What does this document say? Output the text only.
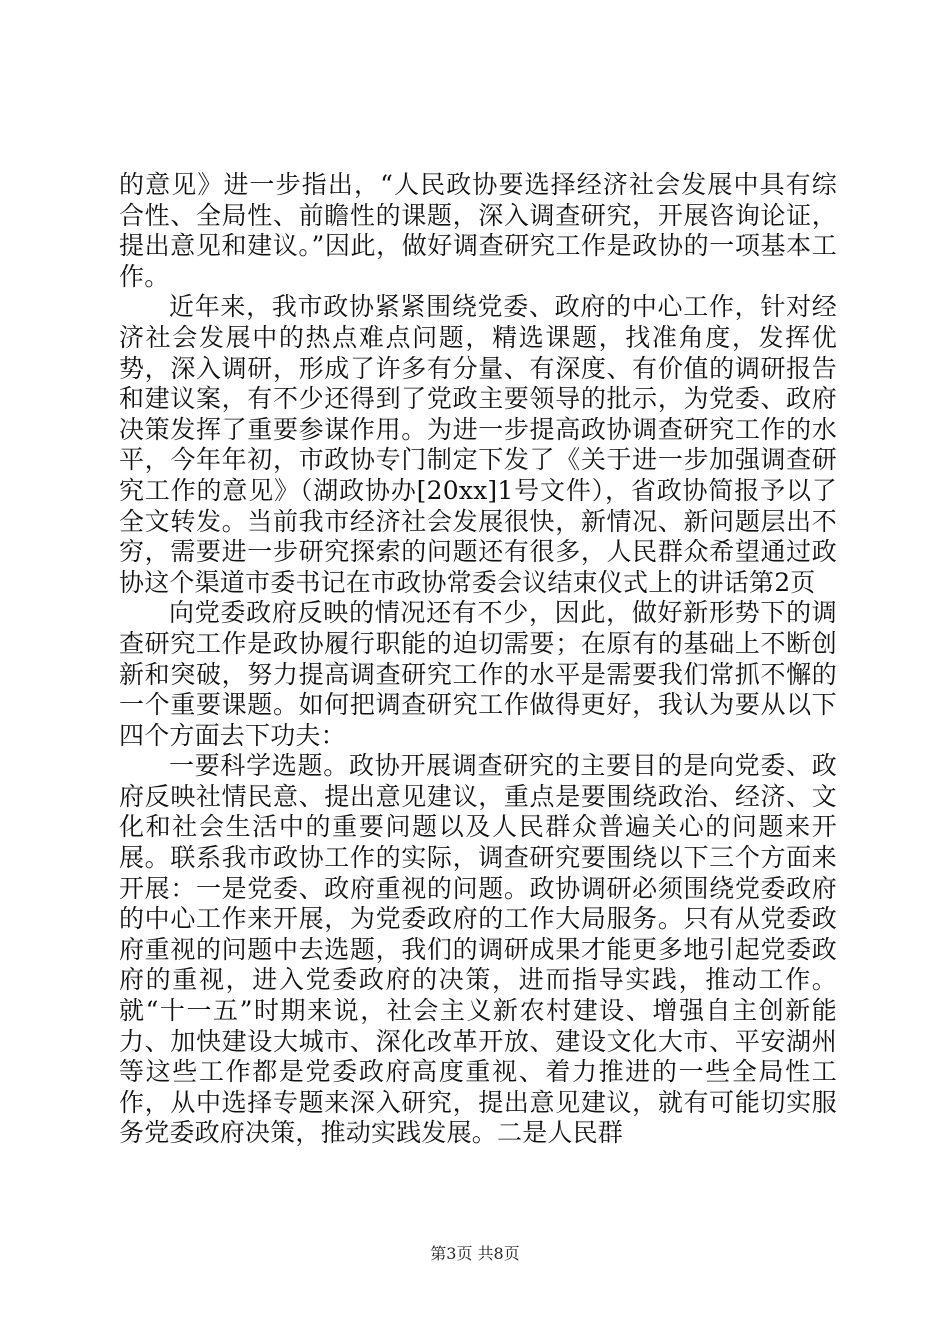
的意见》进一步指出，“人民政协要选择经济社会发展中具有综合性、全局性、前瞻性的课题，深入调查研究，开展咨询论证，提出意见和建议。”因此，做好调查研究工作是政协的一项基本工作。

近年来，我市政协紧紧围绕党委、政府的中心工作，针对经济社会发展中的热点难点问题，精选课题，找准角度，发挥优势，深入调研，形成了许多有分量、有深度、有价值的调研报告和建议案，有不少还得到了党政主要领导的批示，为党委、政府决策发挥了重要参谋作用。为进一步提高政协调查研究工作的水平，今年年初，市政协专门制定下发了《关于进一步加强调查研究工作的意见》（湖政协办[20xx]1号文件），省政协简报予以了全文转发。当前我市经济社会发展很快，新情况、新问题层出不穷，需要进一步研究探索的问题还有很多，人民群众希望通过政协这个渠道市委书记在市政协常委会议结束仪式上的讲话第2页

向党委政府反映的情况还有不少，因此，做好新形势下的调查研究工作是政协履行职能的迫切需要；在原有的基础上不断创新和突破，努力提高调查研究工作的水平是需要我们常抓不懈的一个重要课题。如何把调查研究工作做得更好，我认为要从以下四个方面去下功夫：

一要科学选题。政协开展调查研究的主要目的是向党委、政府反映社情民意、提出意见建议，重点是要围绕政治、经济、文化和社会生活中的重要问题以及人民群众普遍关心的问题来开展。联系我市政协工作的实际，调查研究要围绕以下三个方面来开展：一是党委、政府重视的问题。政协调研必须围绕党委政府的中心工作来开展，为党委政府的工作大局服务。只有从党委政府重视的问题中去选题，我们的调研成果才能更多地引起党委政府的重视，进入党委政府的决策，进而指导实践，推动工作。就“十一五”时期来说，社会主义新农村建设、增强自主创新能力、加快建设大城市、深化改革开放、建设文化大市、平安湖州等这些工作都是党委政府高度重视、着力推进的一些全局性工作，从中选择专题来深入研究，提出意见建议，就有可能切实服务党委政府决策，推动实践发展。二是人民群

第3页 共8页
